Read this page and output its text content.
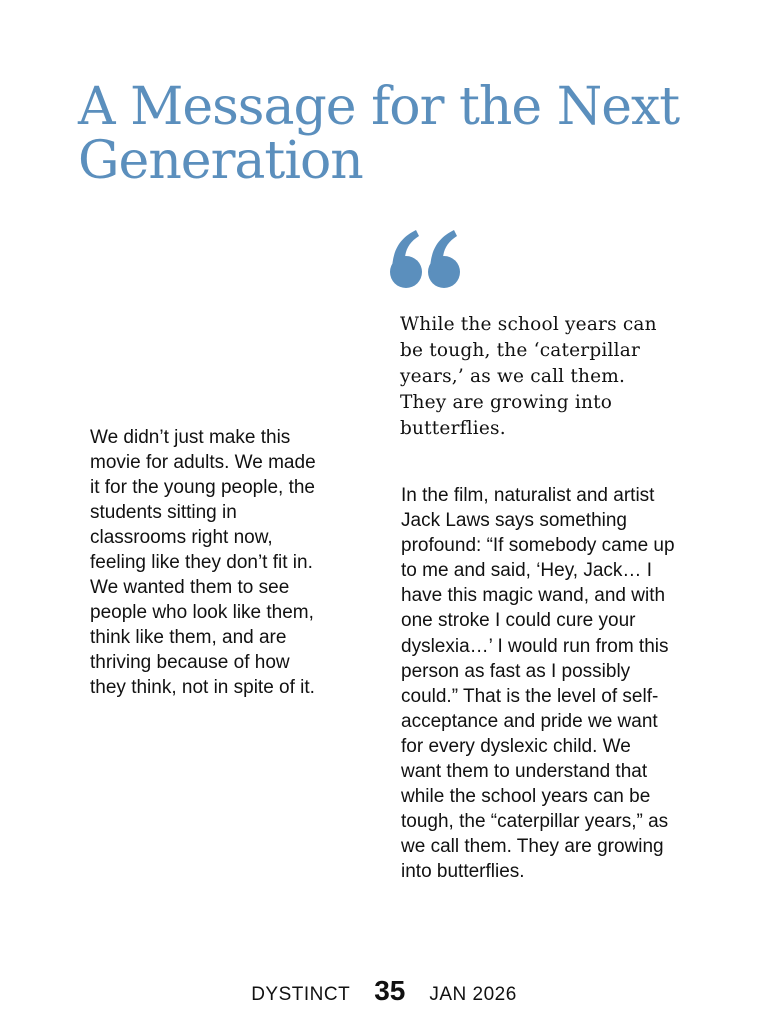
A Message for the Next Generation

While the school years can be tough, the ‘caterpillar years,’ as we call them. They are growing into butterflies.

We didn’t just make this movie for adults. We made it for the young people, the students sitting in classrooms right now, feeling like they don’t fit in. We wanted them to see people who look like them, think like them, and are thriving because of how they think, not in spite of it.

In the film, naturalist and artist Jack Laws says something profound: “If somebody came up to me and said, ‘Hey, Jack… I have this magic wand, and with one stroke I could cure your dyslexia…’ I would run from this person as fast as I possibly could.” That is the level of self-acceptance and pride we want for every dyslexic child. We want them to understand that while the school years can be tough, the “caterpillar years,” as we call them. They are growing into butterflies.

DYSTINCT 35 JAN 2026
